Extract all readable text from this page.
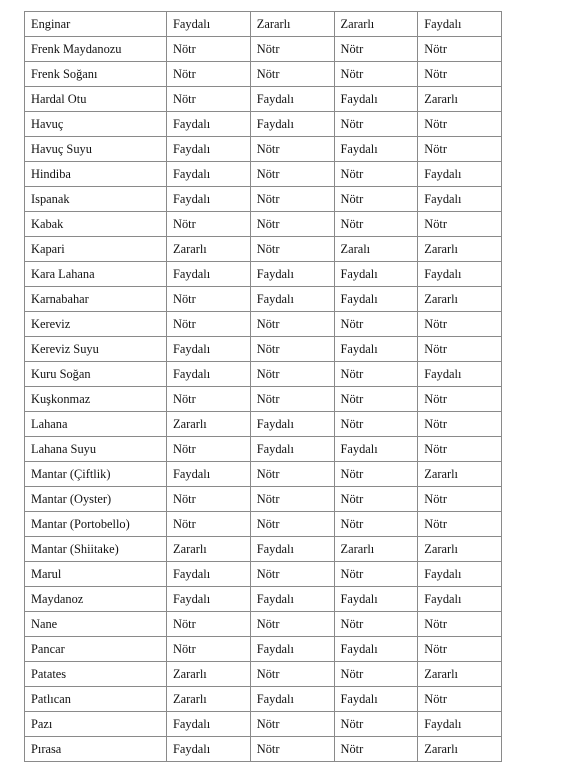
Enginar	Faydalı	Zararlı	Zararlı	Faydalı
Frenk Maydanozu	Nötr	Nötr	Nötr	Nötr
Frenk Soğanı	Nötr	Nötr	Nötr	Nötr
Hardal Otu	Nötr	Faydalı	Faydalı	Zararlı
Havuç	Faydalı	Faydalı	Nötr	Nötr
Havuç Suyu	Faydalı	Nötr	Faydalı	Nötr
Hindiba	Faydalı	Nötr	Nötr	Faydalı
Ispanak	Faydalı	Nötr	Nötr	Faydalı
Kabak	Nötr	Nötr	Nötr	Nötr
Kapari	Zararlı	Nötr	Zaralı	Zararlı
Kara Lahana	Faydalı	Faydalı	Faydalı	Faydalı
Karnabahar	Nötr	Faydalı	Faydalı	Zararlı
Kereviz	Nötr	Nötr	Nötr	Nötr
Kereviz Suyu	Faydalı	Nötr	Faydalı	Nötr
Kuru Soğan	Faydalı	Nötr	Nötr	Faydalı
Kuşkonmaz	Nötr	Nötr	Nötr	Nötr
Lahana	Zararlı	Faydalı	Nötr	Nötr
Lahana Suyu	Nötr	Faydalı	Faydalı	Nötr
Mantar (Çiftlik)	Faydalı	Nötr	Nötr	Zararlı
Mantar (Oyster)	Nötr	Nötr	Nötr	Nötr
Mantar (Portobello)	Nötr	Nötr	Nötr	Nötr
Mantar (Shiitake)	Zararlı	Faydalı	Zararlı	Zararlı
Marul	Faydalı	Nötr	Nötr	Faydalı
Maydanoz	Faydalı	Faydalı	Faydalı	Faydalı
Nane	Nötr	Nötr	Nötr	Nötr
Pancar	Nötr	Faydalı	Faydalı	Nötr
Patates	Zararlı	Nötr	Nötr	Zararlı
Patlıcan	Zararlı	Faydalı	Faydalı	Nötr
Pazı	Faydalı	Nötr	Nötr	Faydalı
Pırasa	Faydalı	Nötr	Nötr	Zararlı
